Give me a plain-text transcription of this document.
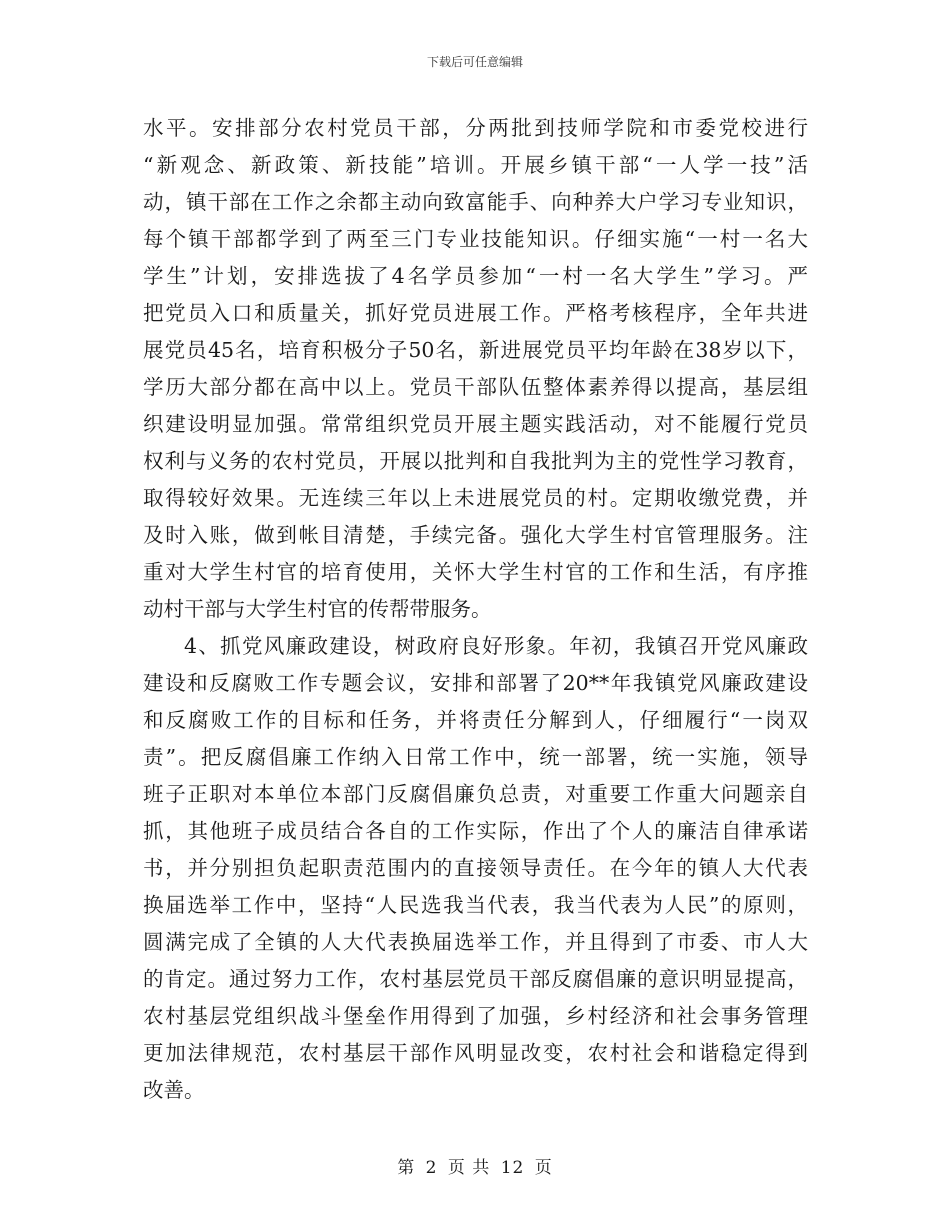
下载后可任意编辑
水平。安排部分农村党员干部，分两批到技师学院和市委党校进行
“新观念、新政策、新技能”培训。开展乡镇干部“一人学一技”活
动，镇干部在工作之余都主动向致富能手、向种养大户学习专业知识，
每个镇干部都学到了两至三门专业技能知识。仔细实施“一村一名大
学生”计划，安排选拔了4名学员参加“一村一名大学生”学习。严
把党员入口和质量关，抓好党员进展工作。严格考核程序，全年共进
展党员45名，培育积极分子50名，新进展党员平均年龄在38岁以下，
学历大部分都在高中以上。党员干部队伍整体素养得以提高，基层组
织建设明显加强。常常组织党员开展主题实践活动，对不能履行党员
权利与义务的农村党员，开展以批判和自我批判为主的党性学习教育，
取得较好效果。无连续三年以上未进展党员的村。定期收缴党费，并
及时入账，做到帐目清楚，手续完备。强化大学生村官管理服务。注
重对大学生村官的培育使用，关怀大学生村官的工作和生活，有序推
动村干部与大学生村官的传帮带服务。
4、抓党风廉政建设，树政府良好形象。年初，我镇召开党风廉政
建设和反腐败工作专题会议，安排和部署了20**年我镇党风廉政建设
和反腐败工作的目标和任务，并将责任分解到人，仔细履行“一岗双
责”。把反腐倡廉工作纳入日常工作中，统一部署，统一实施，领导
班子正职对本单位本部门反腐倡廉负总责，对重要工作重大问题亲自
抓，其他班子成员结合各自的工作实际，作出了个人的廉洁自律承诺
书，并分别担负起职责范围内的直接领导责任。在今年的镇人大代表
换届选举工作中，坚持“人民选我当代表，我当代表为人民”的原则，
圆满完成了全镇的人大代表换届选举工作，并且得到了市委、市人大
的肯定。通过努力工作，农村基层党员干部反腐倡廉的意识明显提高，
农村基层党组织战斗堡垒作用得到了加强，乡村经济和社会事务管理
更加法律规范，农村基层干部作风明显改变，农村社会和谐稳定得到
改善。
第 2 页 共 12 页
